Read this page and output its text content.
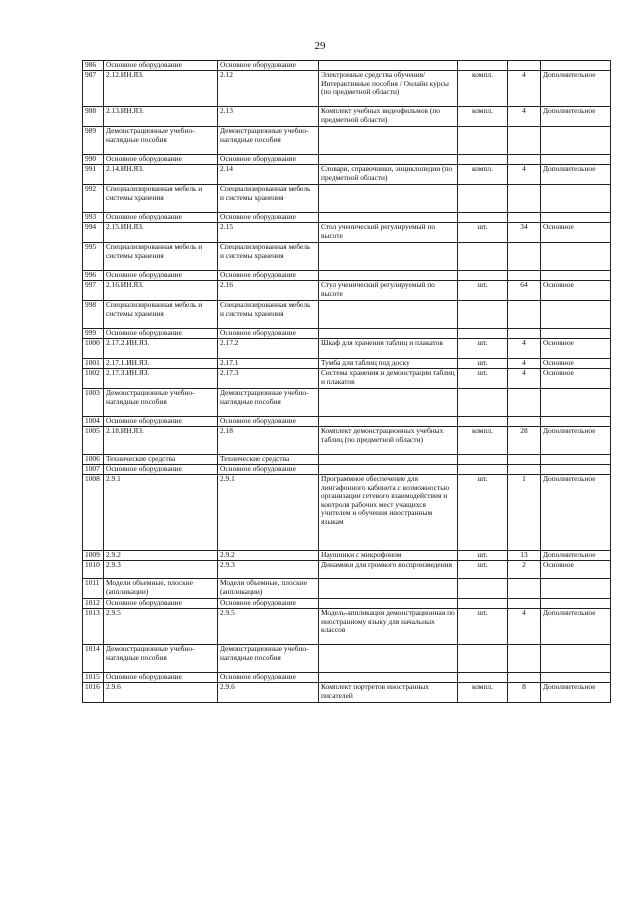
29
986	Основное оборудование	Основное оборудование				
987	2.12.ИН.ЯЗ.	2.12	Электронные средства обучения/Интерактивные пособия / Онлайн курсы (по предметной области)	компл.	4	Дополнительное
988	2.13.ИН.ЯЗ.	2.13	Комплект учебных видеофильмов (по предметной области)	компл.	4	Дополнительное
989	Демонстрационные учебно-наглядные пособия	Демонстрационные учебно-наглядные пособия				
990	Основное оборудование	Основное оборудование				
991	2.14.ИН.ЯЗ.	2.14	Словари, справочники, энциклопедии (по предметной области)	компл.	4	Дополнительное
992	Специализированная мебель и системы хранения	Специализированная мебель и системы хранения				
993	Основное оборудование	Основное оборудование				
994	2.15.ИН.ЯЗ.	2.15	Стол ученический регулируемый по высоте	шт.	34	Основное
995	Специализированная мебель и системы хранения	Специализированная мебель и системы хранения				
996	Основное оборудование	Основное оборудование				
997	2.16.ИН.ЯЗ.	2.16	Стул ученический регулируемый по высоте	шт.	64	Основное
998	Специализированная мебель и системы хранения	Специализированная мебель и системы хранения				
999	Основное оборудование	Основное оборудование				
1000	2.17.2.ИН.ЯЗ.	2.17.2	Шкаф для хранения таблиц и плакатов	шт.	4	Основное
1001	2.17.1.ИН.ЯЗ.	2.17.1	Тумба для таблиц под доску	шт.	4	Основное
1002	2.17.3.ИН.ЯЗ.	2.17.3	Система хранения и демонстрации таблиц и плакатов	шт.	4	Основное
1003	Демонстрационные учебно-наглядные пособия	Демонстрационные учебно-наглядные пособия				
1004	Основное оборудование	Основное оборудование				
1005	2.18.ИН.ЯЗ.	2.18	Комплект демонстрационных учебных таблиц (по предметной области)	компл.	28	Дополнительное
1006	Технические средства	Технические средства				
1007	Основное оборудование	Основное оборудование				
1008	2.9.1	2.9.1	Программное обеспечение для лингафонного кабинета с возможностью организации сетевого взаимодействия и контроля рабочих мест учащихся учителем и обучения иностранным языкам	шт.	1	Дополнительное
1009	2.9.2	2.9.2	Наушники с микрофоном	шт.	13	Дополнительное
1010	2.9.3	2.9.3	Динамики для громкого воспроизведения	шт.	2	Основное
1011	Модели объемные, плоские (аппликации)	Модели объемные, плоские (аппликации)				
1012	Основное оборудование	Основное оборудование				
1013	2.9.5	2.9.5	Модель-аппликация демонстрационная по иностранному языку для начальных классов	шт.	4	Дополнительное
1014	Демонстрационные учебно-наглядные пособия	Демонстрационные учебно-наглядные пособия				
1015	Основное оборудование	Основное оборудование				
1016	2.9.6	2.9.6	Комплект портретов иностранных писателей	компл.	8	Дополнительное
